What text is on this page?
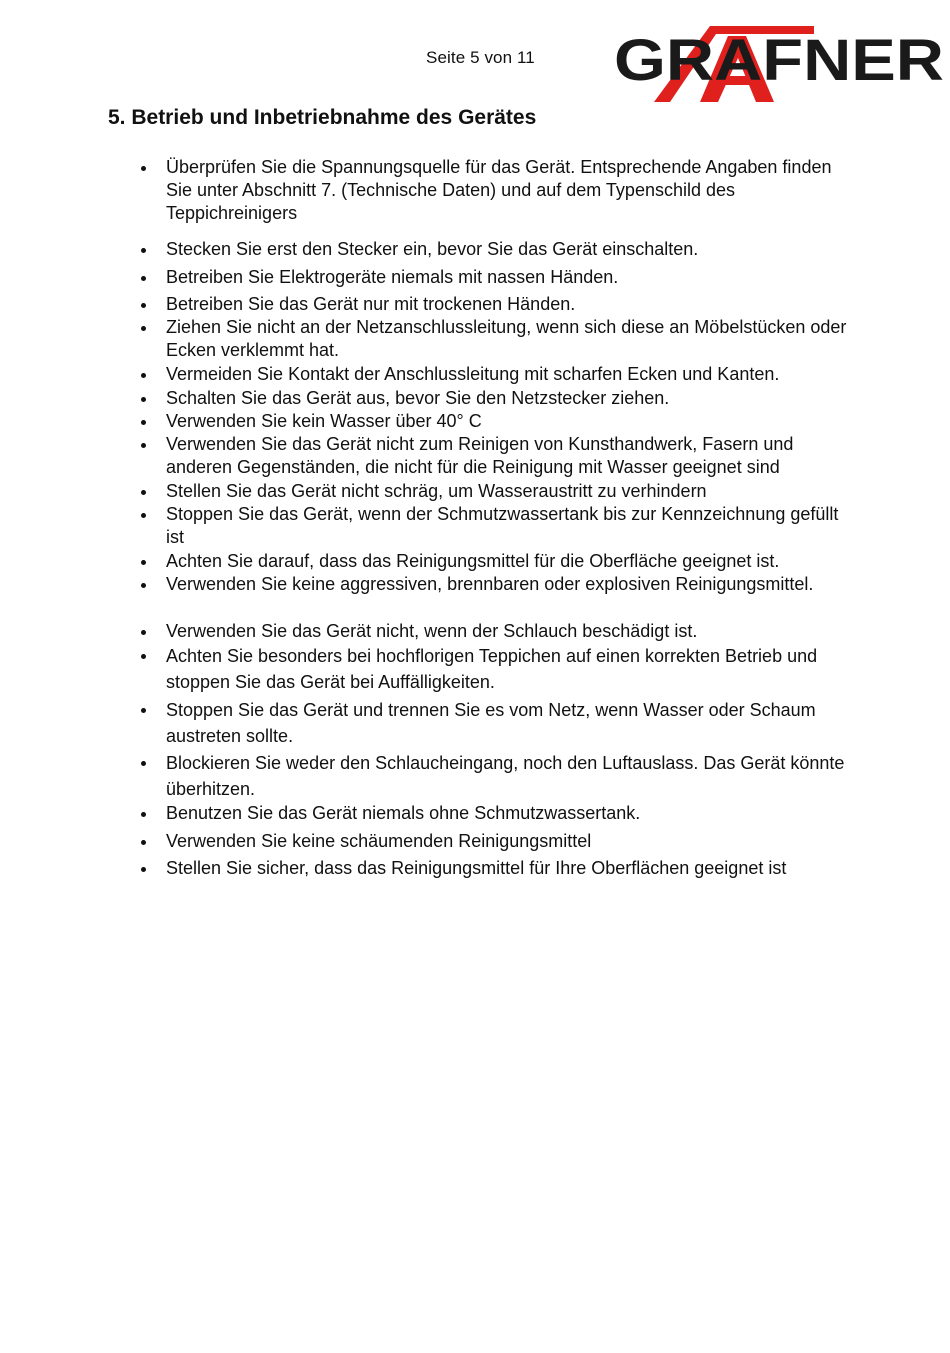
Seite 5 von 11 GRAFNER
5. Betrieb und Inbetriebnahme des Gerätes

Überprüfen Sie die Spannungsquelle für das Gerät. Entsprechende Angaben finden Sie unter Abschnitt 7. (Technische Daten) und auf dem Typenschild des Teppichreinigers

Stecken Sie erst den Stecker ein, bevor Sie das Gerät einschalten.

Betreiben Sie Elektrogeräte niemals mit nassen Händen.

Betreiben Sie das Gerät nur mit trockenen Händen.

Ziehen Sie nicht an der Netzanschlussleitung, wenn sich diese an Möbelstücken oder Ecken verklemmt hat.

Vermeiden Sie Kontakt der Anschlussleitung mit scharfen Ecken und Kanten.

Schalten Sie das Gerät aus, bevor Sie den Netzstecker ziehen.

Verwenden Sie kein Wasser über 40° C

Verwenden Sie das Gerät nicht zum Reinigen von Kunsthandwerk, Fasern und anderen Gegenständen, die nicht für die Reinigung mit Wasser geeignet sind

Stellen Sie das Gerät nicht schräg, um Wasseraustritt zu verhindern

Stoppen Sie das Gerät, wenn der Schmutzwassertank bis zur Kennzeichnung gefüllt ist

Achten Sie darauf, dass das Reinigungsmittel für die Oberfläche geeignet ist.

Verwenden Sie keine aggressiven, brennbaren oder explosiven Reinigungsmittel.

Verwenden Sie das Gerät nicht, wenn der Schlauch beschädigt ist.

Achten Sie besonders bei hochflorigen Teppichen auf einen korrekten Betrieb und stoppen Sie das Gerät bei Auffälligkeiten.

Stoppen Sie das Gerät und trennen Sie es vom Netz, wenn Wasser oder Schaum austreten sollte.

Blockieren Sie weder den Schlaucheingang, noch den Luftauslass. Das Gerät könnte überhitzen.

Benutzen Sie das Gerät niemals ohne Schmutzwassertank.

Verwenden Sie keine schäumenden Reinigungsmittel

Stellen Sie sicher, dass das Reinigungsmittel für Ihre Oberflächen geeignet ist
